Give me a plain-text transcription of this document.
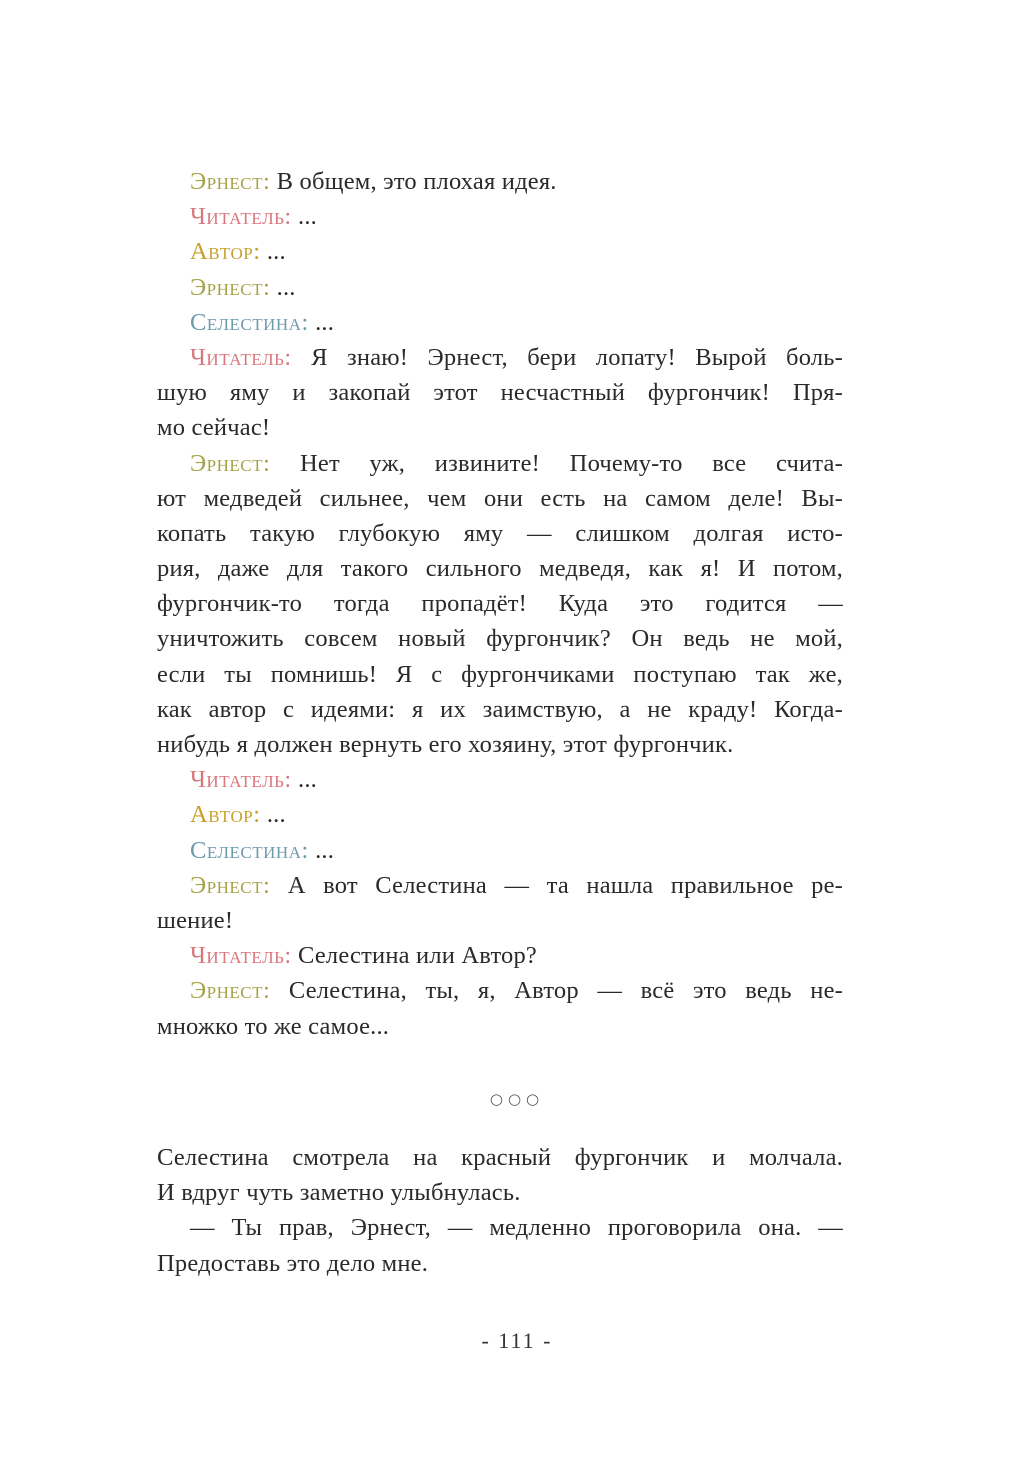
Эрнест: В общем, это плохая идея.
Читатель: ...
Автор: ...
Эрнест: ...
Селестина: ...
Читатель: Я знаю! Эрнест, бери лопату! Вырой боль-
шую яму и закопай этот несчастный фургончик! Пря-
мо сейчас!
Эрнест: Нет уж, извините! Почему-то все счита-
ют медведей сильнее, чем они есть на самом деле! Вы-
копать такую глубокую яму — слишком долгая исто-
рия, даже для такого сильного медведя, как я! И потом,
фургончик-то тогда пропадёт! Куда это годится —
уничтожить совсем новый фургончик? Он ведь не мой,
если ты помнишь! Я с фургончиками поступаю так же,
как автор с идеями: я их заимствую, а не краду! Когда-
нибудь я должен вернуть его хозяину, этот фургончик.
Читатель: ...
Автор: ...
Селестина: ...
Эрнест: А вот Селестина — та нашла правильное ре-
шение!
Читатель: Селестина или Автор?
Эрнест: Селестина, ты, я, Автор — всё это ведь не-
множко то же самое...
○○○
Селестина смотрела на красный фургончик и молчала.
И вдруг чуть заметно улыбнулась.
— Ты прав, Эрнест, — медленно проговорила она. —
Предоставь это дело мне.
- 111 -
